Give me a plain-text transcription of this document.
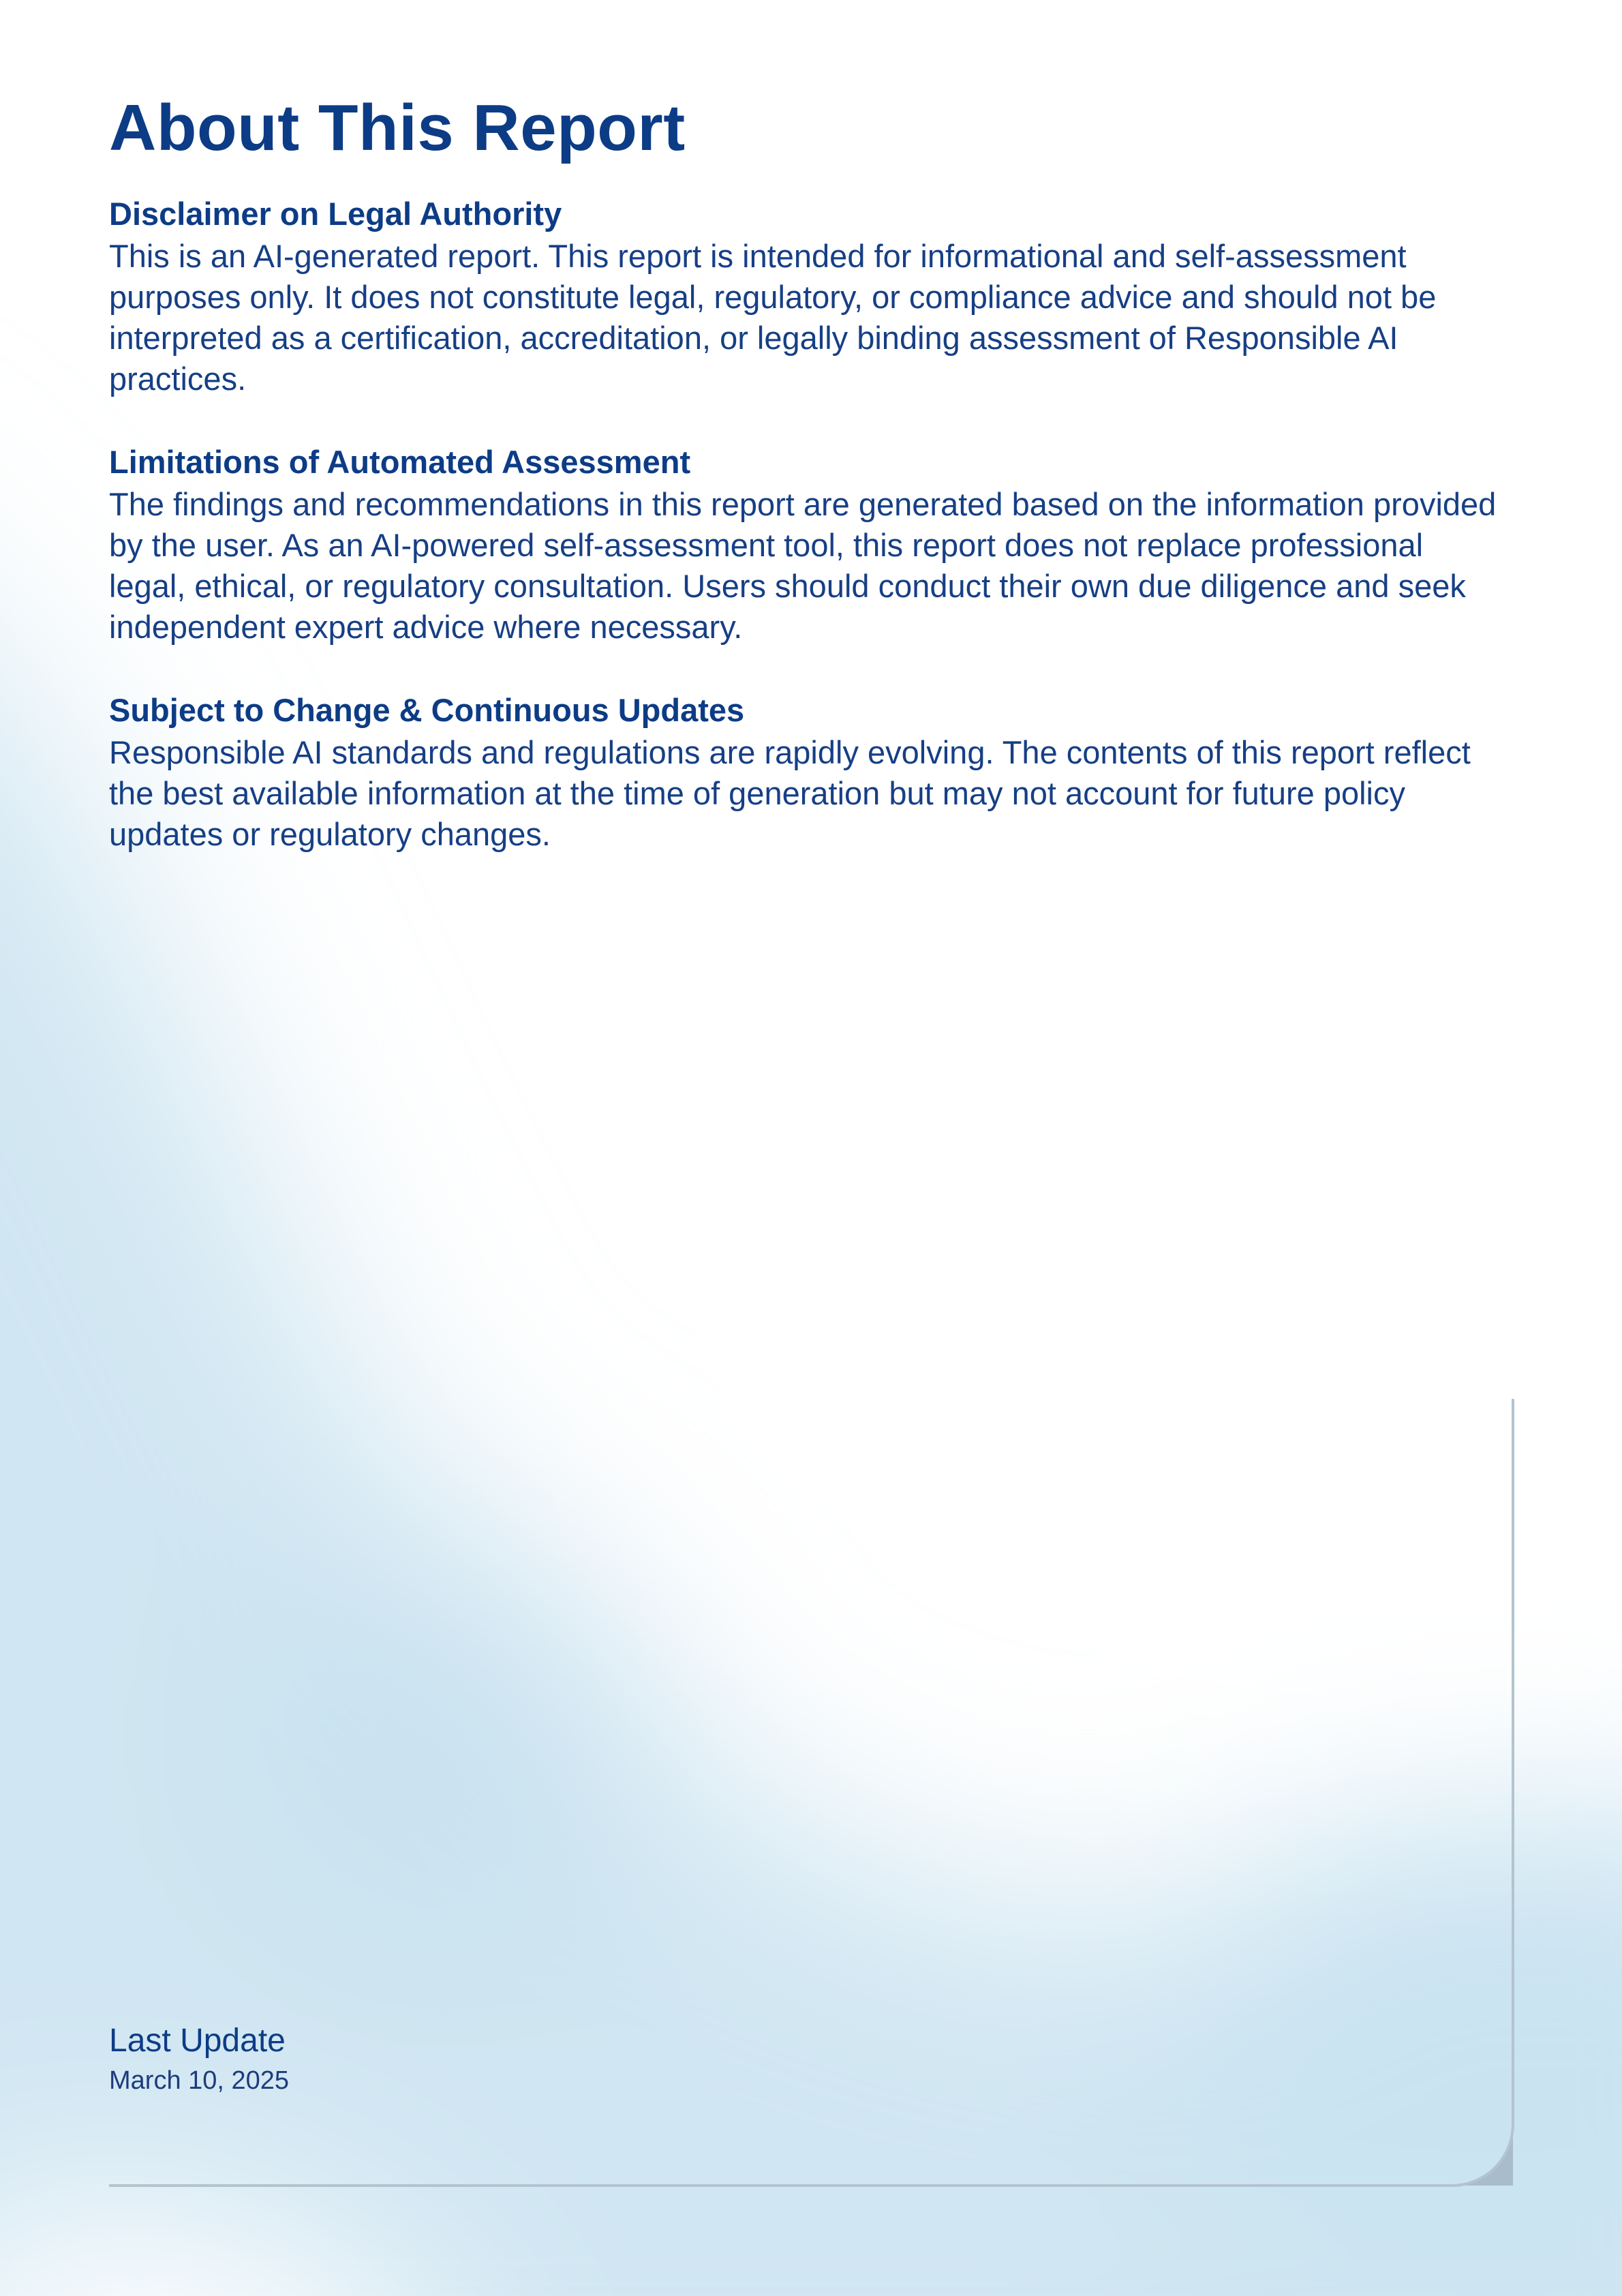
About This Report
Disclaimer on Legal Authority

This is an AI-generated report. This report is intended for informational and self-assessment purposes only. It does not constitute legal, regulatory, or compliance advice and should not be interpreted as a certification, accreditation, or legally binding assessment of Responsible AI practices.

Limitations of Automated Assessment

The findings and recommendations in this report are generated based on the information provided by the user. As an AI-powered self-assessment tool, this report does not replace professional legal, ethical, or regulatory consultation. Users should conduct their own due diligence and seek independent expert advice where necessary.

Subject to Change & Continuous Updates

Responsible AI standards and regulations are rapidly evolving. The contents of this report reflect the best available information at the time of generation but may not account for future policy updates or regulatory changes.

Last Update
March 10, 2025
